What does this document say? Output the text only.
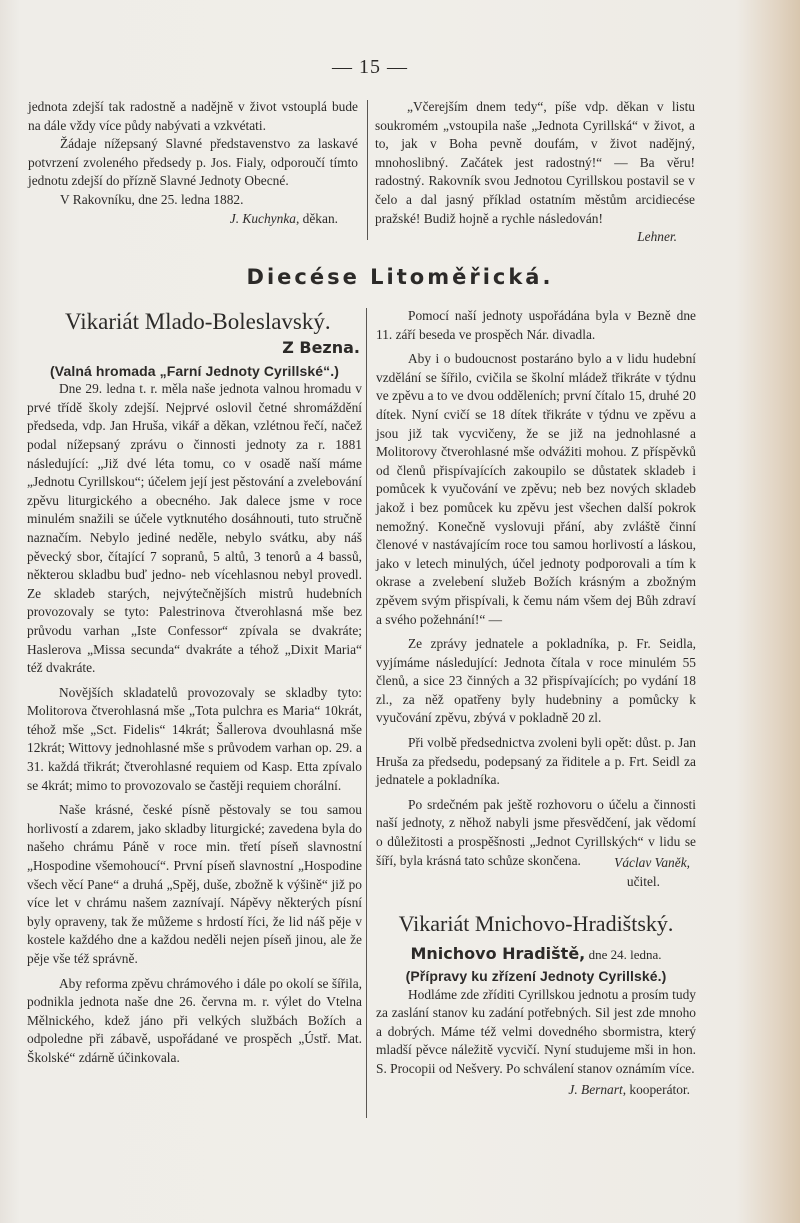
— 15 —

jednota zdejší tak radostně a nadějně v život vstouplá bude na dále vždy více půdy nabývati a vzkvétati.

Žádaje nížepsaný Slavné představenstvo za laskavé potvrzení zvoleného předsedy p. Jos. Fialy, odporoučí tímto jednotu zdejší do přízně Slavné Jednoty Obecné.

V Rakovníku, dne 25. ledna 1882.

J. Kuchynka, děkan.

„Včerejším dnem tedy“, píše vdp. děkan v listu soukromém „vstoupila naše „Jednota Cyrillská“ v život, a to, jak v Boha pevně doufám, v život nadějný, mnohoslibný. Začátek jest radostný!“ — Ba věru! radostný. Rakovník svou Jednotou Cyrillskou postavil se v čelo a dal jasný příklad ostatním městům arcidiecése pražské! Budiž hojně a rychle následován!

Lehner.

Diecése Litoměřická.

Vikariát Mlado-Boleslavský.

Z Bezna.

(Valná hromada „Farní Jednoty Cyrillské“.)

Dne 29. ledna t. r. měla naše jednota valnou hromadu v prvé třídě školy zdejší. Nejprvé oslovil četné shromáždění předseda, vdp. Jan Hruša, vikář a děkan, vzlétnou řečí, načež podal nížepsaný zprávu o činnosti jednoty za r. 1881 následující: „Již dvé léta tomu, co v osadě naší máme „Jednotu Cyrillskou“; účelem její jest pěstování a zvelebování zpěvu liturgického a obecného. Jak dalece jsme v roce minulém snažili se účele vytknutého dosáhnouti, tuto stručně naznačím. Nebylo jediné neděle, nebylo svátku, aby náš pěvecký sbor, čítající 7 sopranů, 5 altů, 3 tenorů a 4 bassů, některou skladbu buď jedno- neb vícehlasnou nebyl provedl. Ze skladeb starých, nejvýtečnějších mistrů hudebních provozovaly se tyto: Palestrinova čtverohlasná mše bez průvodu varhan „Iste Confessor“ zpívala se dvakráte; Haslerova „Missa secunda“ dvakráte a téhož „Dixit Maria“ též dvakráte.

Novějších skladatelů provozovaly se skladby tyto: Molitorova čtverohlasná mše „Tota pulchra es Maria“ 10krát, téhož mše „Sct. Fidelis“ 14krát; Šallerova dvouhlasná mše 12krát; Wittovy jednohlasné mše s průvodem varhan op. 29. a 31. každá třikrát; čtverohlasné requiem od Kasp. Etta zpívalo se 4krát; mimo to provozovalo se častěji requiem chorální.

Naše krásné, české písně pěstovaly se tou samou horlivostí a zdarem, jako skladby liturgické; zavedena byla do našeho chrámu Páně v roce min. třetí píseň slavnostní „Hospodine všemohoucí“. První píseň slavnostní „Hospodine všech věcí Pane“ a druhá „Spěj, duše, zbožně k výšině“ již po více let v chrámu našem zaznívají. Nápěvy některých písní byly opraveny, tak že můžeme s hrdostí říci, že lid náš pěje v kostele každého dne a každou neděli nejen píseň jinou, ale že pěje vše též správně.

Aby reforma zpěvu chrámového i dále po okolí se šířila, podnikla jednota naše dne 26. června m. r. výlet do Vtelna Mělnického, kdež jáno při velkých službách Božích a odpoledne při zábavě, uspořádané ve prospěch „Ústř. Mat. Školské“ zdárně účinkovala.

Pomocí naší jednoty uspořádána byla v Bezně dne 11. září beseda ve prospěch Nár. divadla.

Aby i o budoucnost postaráno bylo a v lidu hudební vzdělání se šířilo, cvičila se školní mládež třikráte v týdnu ve zpěvu a to ve dvou odděleních; první čítalo 15, druhé 20 dítek. Nyní cvičí se 18 dítek třikráte v týdnu ve zpěvu a jsou již tak vycvičeny, že se již na jednohlasné a Molitorovy čtverohlasné mše odvážiti mohou. Z příspěvků od členů přispívajících zakoupilo se důstatek skladeb i pomůcek k vyučování ve zpěvu; neb bez nových skladeb jakož i bez pomůcek ku zpěvu jest všechen další pokrok nemožný. Konečně vyslovuji přání, aby zvláště činní členové v nastávajícím roce tou samou horlivostí a láskou, jako v letech minulých, účel jednoty podporovali a tím k okrase a zvelebení služeb Božích krásným a zbožným zpěvem svým přispívali, k čemu nám všem dej Bůh zdraví a svého požehnání!“ —

Ze zprávy jednatele a pokladníka, p. Fr. Seidla, vyjímáme následující: Jednota čítala v roce minulém 55 členů, a sice 23 činných a 32 přispívajících; po vydání 18 zl., za něž opatřeny byly hudebniny a pomůcky k vyučování zpěvu, zbývá v pokladně 20 zl.

Při volbě předsednictva zvoleni byli opět: důst. p. Jan Hruša za předsedu, podepsaný za řiditele a p. Frt. Seidl za jednatele a pokladníka.

Po srdečném pak ještě rozhovoru o účelu a činnosti naší jednoty, z něhož nabyli jsme přesvědčení, jak vědomí o důležitosti a prospěšnosti „Jednot Cyrillských“ v lidu se šíří, byla krásná tato schůze skončena.	Václav Vaněk,

učitel.

Vikariát Mnichovo-Hradištský.

Mnichovo Hradiště, dne 24. ledna.

(Přípravy ku zřízení Jednoty Cyrillské.)

Hodláme zde zříditi Cyrillskou jednotu a prosím tudy za zaslání stanov ku zadání potřebných. Sil jest zde mnoho a dobrých. Máme též velmi dovedného sbormistra, který mladší pěvce náležitě vycvičí. Nyní studujeme mši in hon. S. Procopii od Nešvery. Po schválení stanov oznámím více.

J. Bernart, kooperátor.
